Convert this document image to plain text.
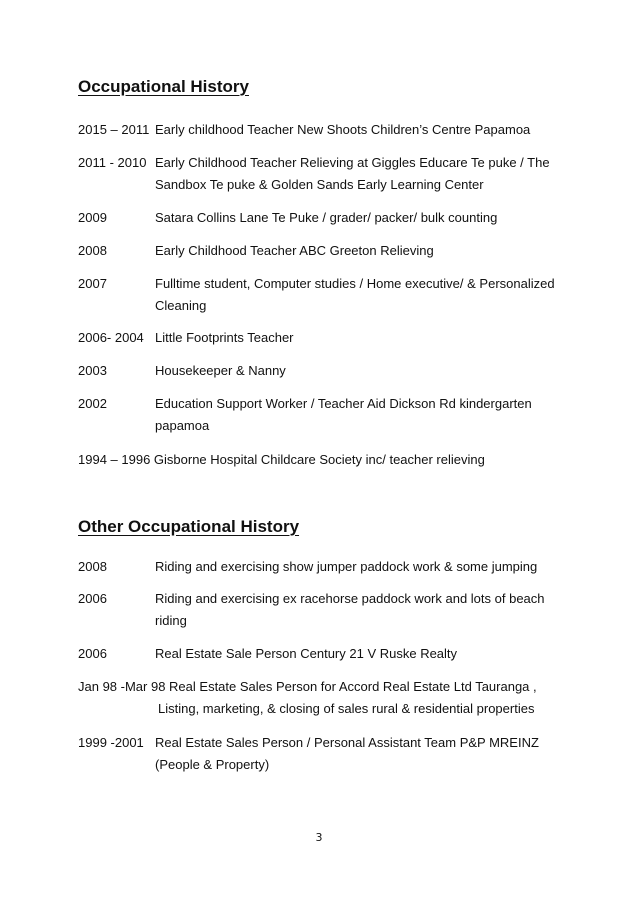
Occupational History
2015 – 2011 Early childhood Teacher New Shoots Children’s Centre Papamoa
2011 - 2010 Early Childhood Teacher Relieving at Giggles Educare Te puke / The
Sandbox Te puke & Golden Sands Early Learning Center
2009	Satara Collins Lane Te Puke / grader/ packer/ bulk counting
2008	Early Childhood Teacher ABC Greeton Relieving
2007	Fulltime student, Computer studies / Home executive/ & Personalized
Cleaning
2006- 2004 Little Footprints Teacher
2003	Housekeeper & Nanny
2002	Education Support Worker / Teacher Aid Dickson Rd kindergarten
papamoa
1994 – 1996 Gisborne Hospital Childcare Society inc/ teacher relieving
Other Occupational History
2008	Riding and exercising show jumper paddock work & some jumping
2006	Riding and exercising ex racehorse paddock work and lots of beach
riding
2006	Real Estate Sale Person Century 21 V Ruske Realty
Jan 98 -Mar 98 Real Estate Sales Person for Accord Real Estate Ltd Tauranga ,
Listing, marketing, & closing of sales rural & residential properties
1999 -2001 Real Estate Sales Person / Personal Assistant Team P&P MREINZ
(People & Property)
3
